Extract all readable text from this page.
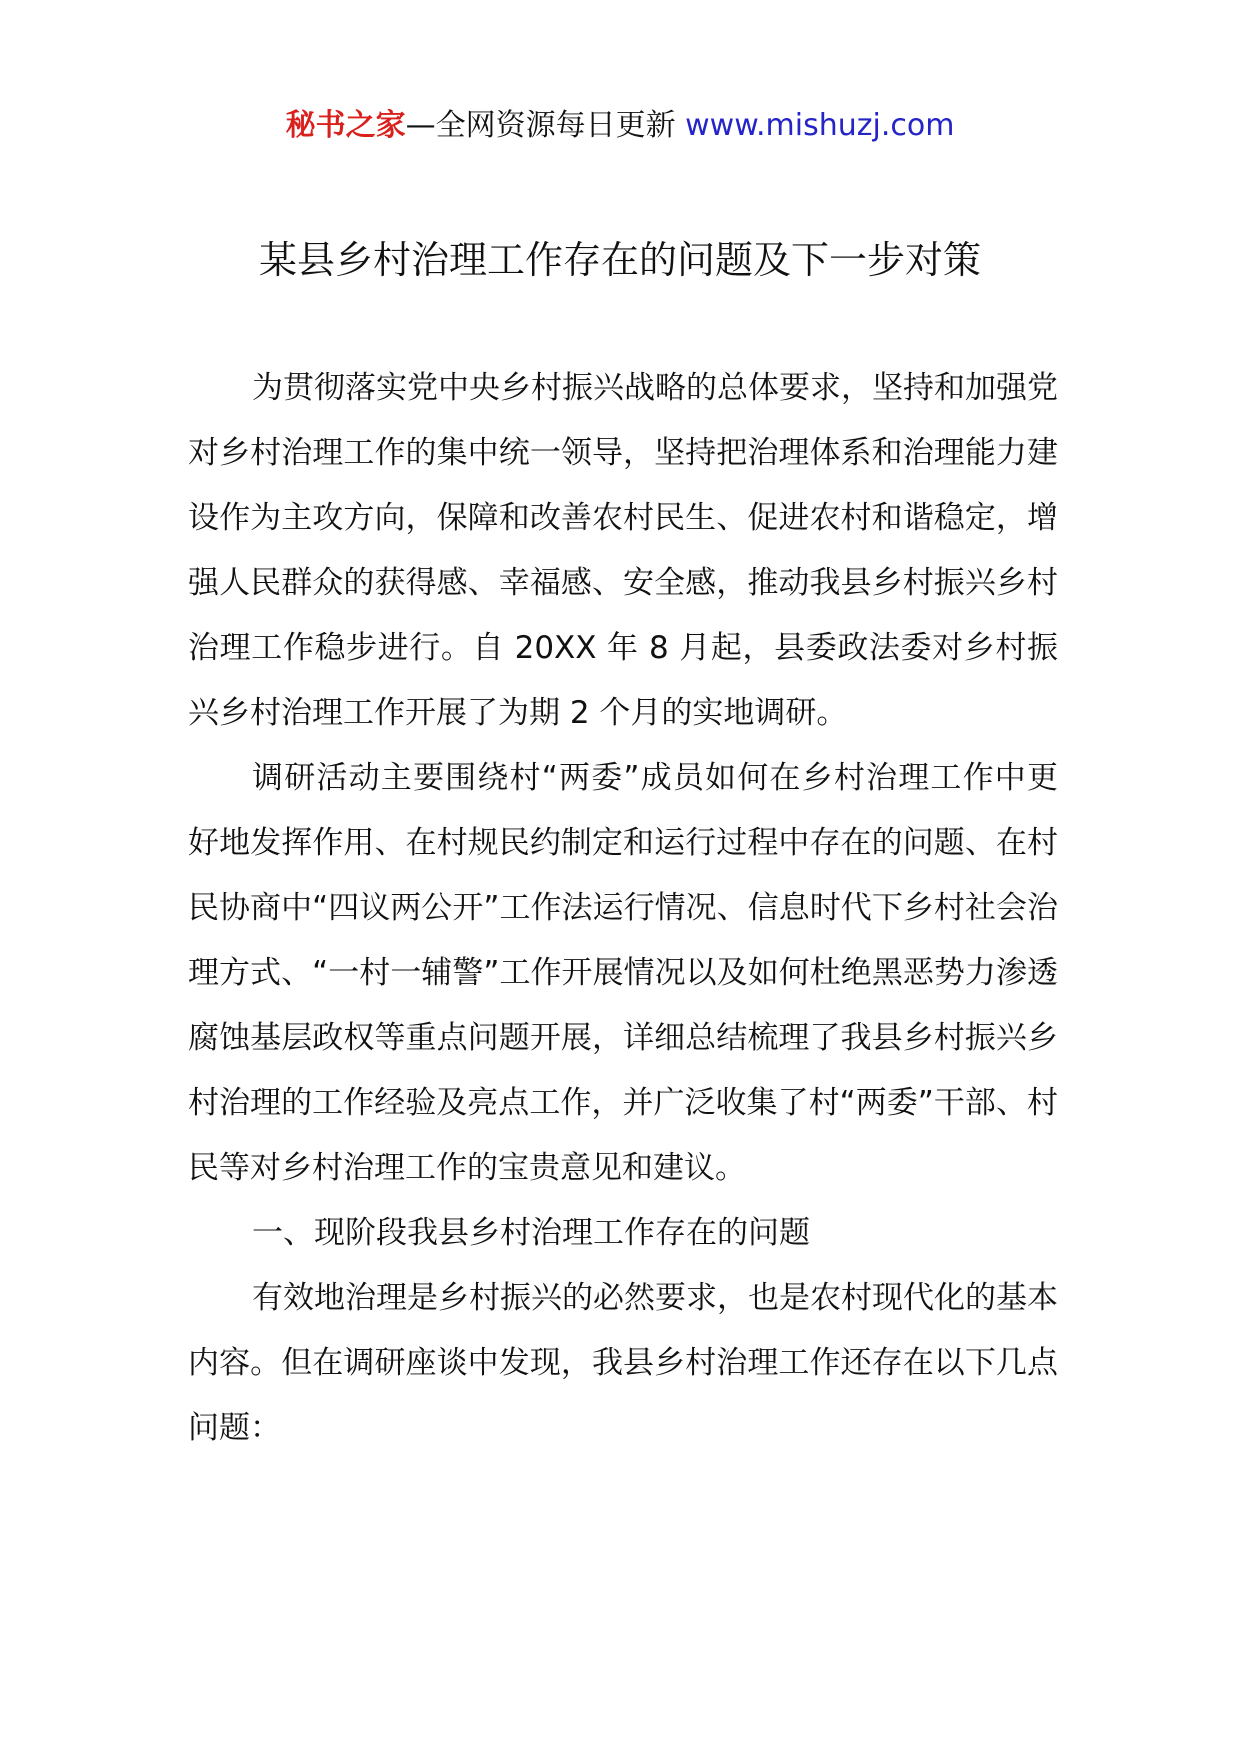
秘书之家—全网资源每日更新 www.mishuzj.com
某县乡村治理工作存在的问题及下一步对策

为贯彻落实党中央乡村振兴战略的总体要求，坚持和加强党对乡村治理工作的集中统一领导，坚持把治理体系和治理能力建设作为主攻方向，保障和改善农村民生、促进农村和谐稳定，增强人民群众的获得感、幸福感、安全感，推动我县乡村振兴乡村治理工作稳步进行。自 20XX 年 8 月起，县委政法委对乡村振兴乡村治理工作开展了为期 2 个月的实地调研。

调研活动主要围绕村“两委”成员如何在乡村治理工作中更好地发挥作用、在村规民约制定和运行过程中存在的问题、在村民协商中“四议两公开”工作法运行情况、信息时代下乡村社会治理方式、“一村一辅警”工作开展情况以及如何杜绝黑恶势力渗透腐蚀基层政权等重点问题开展，详细总结梳理了我县乡村振兴乡村治理的工作经验及亮点工作，并广泛收集了村“两委”干部、村民等对乡村治理工作的宝贵意见和建议。

一、现阶段我县乡村治理工作存在的问题

有效地治理是乡村振兴的必然要求，也是农村现代化的基本内容。但在调研座谈中发现，我县乡村治理工作还存在以下几点问题：
